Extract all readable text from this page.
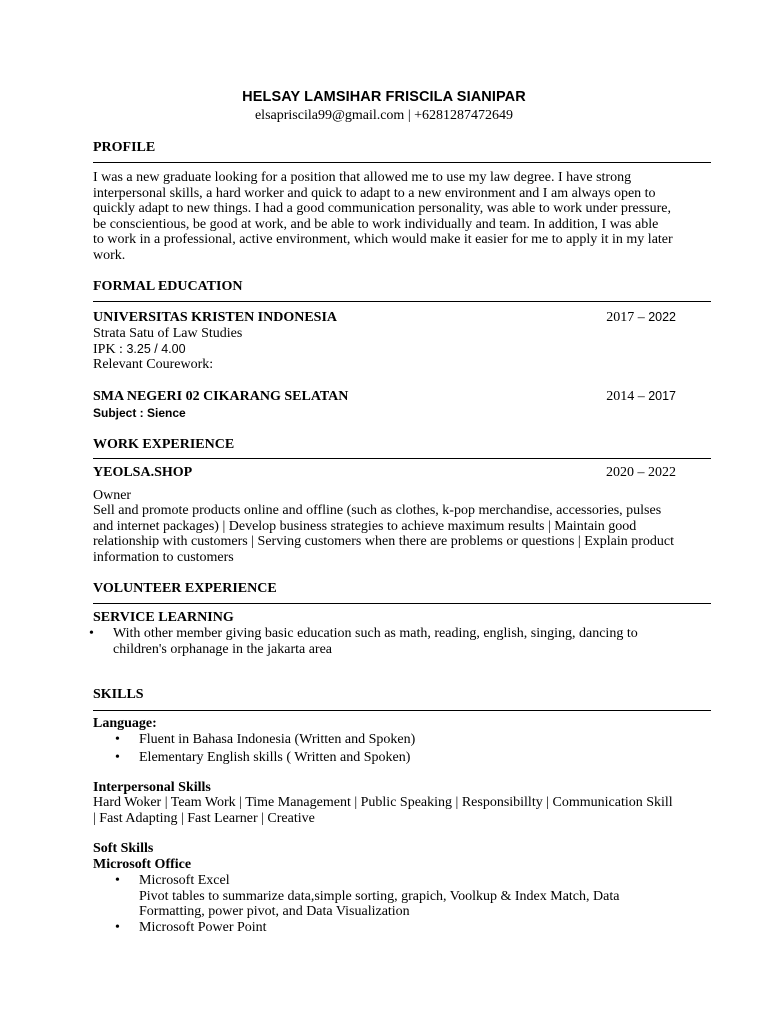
HELSAY LAMSIHAR FRISCILA SIANIPAR
elsapriscila99@gmail.com | +6281287472649
PROFILE
I was a new graduate looking for a position that allowed me to use my law degree. I have strong
interpersonal skills, a hard worker and quick to adapt to a new environment and I am always open to
quickly adapt to new things. I had a good communication personality, was able to work under pressure,
be conscientious, be good at work, and be able to work individually and team. In addition, I was able
to work in a professional, active environment, which would make it easier for me to apply it in my later
work.
FORMAL EDUCATION
UNIVERSITAS KRISTEN INDONESIA	2017 – 2022
Strata Satu of Law Studies
IPK : 3.25 / 4.00
Relevant Courework:
SMA NEGERI 02 CIKARANG SELATAN	2014 – 2017
Subject : Sience
WORK EXPERIENCE
YEOLSA.SHOP	2020 – 2022
Owner
Sell and promote products online and offline (such as clothes, k-pop merchandise, accessories, pulses
and internet packages) | Develop business strategies to achieve maximum results | Maintain good
relationship with customers | Serving customers when there are problems or questions | Explain product
information to customers
VOLUNTEER EXPERIENCE
SERVICE LEARNING
• With other member giving basic education such as math, reading, english, singing, dancing to
children's orphanage in the jakarta area
SKILLS
Language:
• Fluent in Bahasa Indonesia (Written and Spoken)
• Elementary English skills ( Written and Spoken)
Interpersonal Skills
Hard Woker | Team Work | Time Management | Public Speaking | Responsibillty | Communication Skill
| Fast Adapting | Fast Learner | Creative
Soft Skills
Microsoft Office
• Microsoft Excel
Pivot tables to summarize data,simple sorting, grapich, Voolkup & Index Match, Data
Formatting, power pivot, and Data Visualization
• Microsoft Power Point
